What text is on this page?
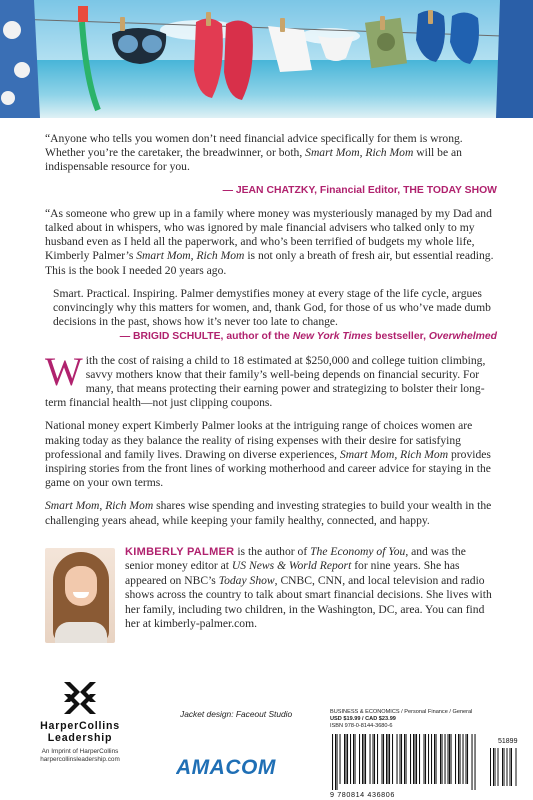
“Anyone who tells you women don’t need financial advice specifically for them is wrong. Whether you’re the caretaker, the breadwinner, or both, Smart Mom, Rich Mom will be an indispensable resource for you.
— JEAN CHATZKY, Financial Editor, THE TODAY SHOW
“As someone who grew up in a family where money was mysteriously managed by my Dad and talked about in whispers, who was ignored by male financial advisers who talked only to my husband even as I held all the paperwork, and who’s been terrified of budgets my whole life, Kimberly Palmer’s Smart Mom, Rich Mom is not only a breath of fresh air, but essential reading. This is the book I needed 20 years ago.
Smart. Practical. Inspiring. Palmer demystifies money at every stage of the life cycle, argues convincingly why this matters for women, and, thank God, for those of us who’ve made dumb decisions in the past, shows how it’s never too late to change.
— BRIGID SCHULTE, author of the New York Times bestseller, Overwhelmed
With the cost of raising a child to 18 estimated at $250,000 and college tuition climbing, savvy mothers know that their family’s well-being depends on financial security. For many, that means protecting their earning power and strategizing to bolster their long-term financial health—not just clipping coupons.
National money expert Kimberly Palmer looks at the intriguing range of choices women are making today as they balance the reality of rising expenses with their desire for satisfying professional and family lives. Drawing on diverse experiences, Smart Mom, Rich Mom provides inspiring stories from the front lines of working motherhood and career advice for staying in the game on your own terms.
Smart Mom, Rich Mom shares wise spending and investing strategies to build your wealth in the challenging years ahead, while keeping your family healthy, connected, and happy.
KIMBERLY PALMER is the author of The Economy of You, and was the senior money editor at US News & World Report for nine years. She has appeared on NBC’s Today Show, CNBC, CNN, and local television and radio shows across the country to talk about smart financial decisions. She lives with her family, including two children, in the Washington, DC, area. You can find her at kimberly-palmer.com.
HarperCollins
Leadership
An Imprint of HarperCollins
harpercollinsleadership.com
Jacket design: Faceout Studio
AMACOM
BUSINESS & ECONOMICS / Personal Finance / General
USD $19.99 / CAD $23.99
ISBN 978-0-8144-3680-6
9 780814 436806
51899
